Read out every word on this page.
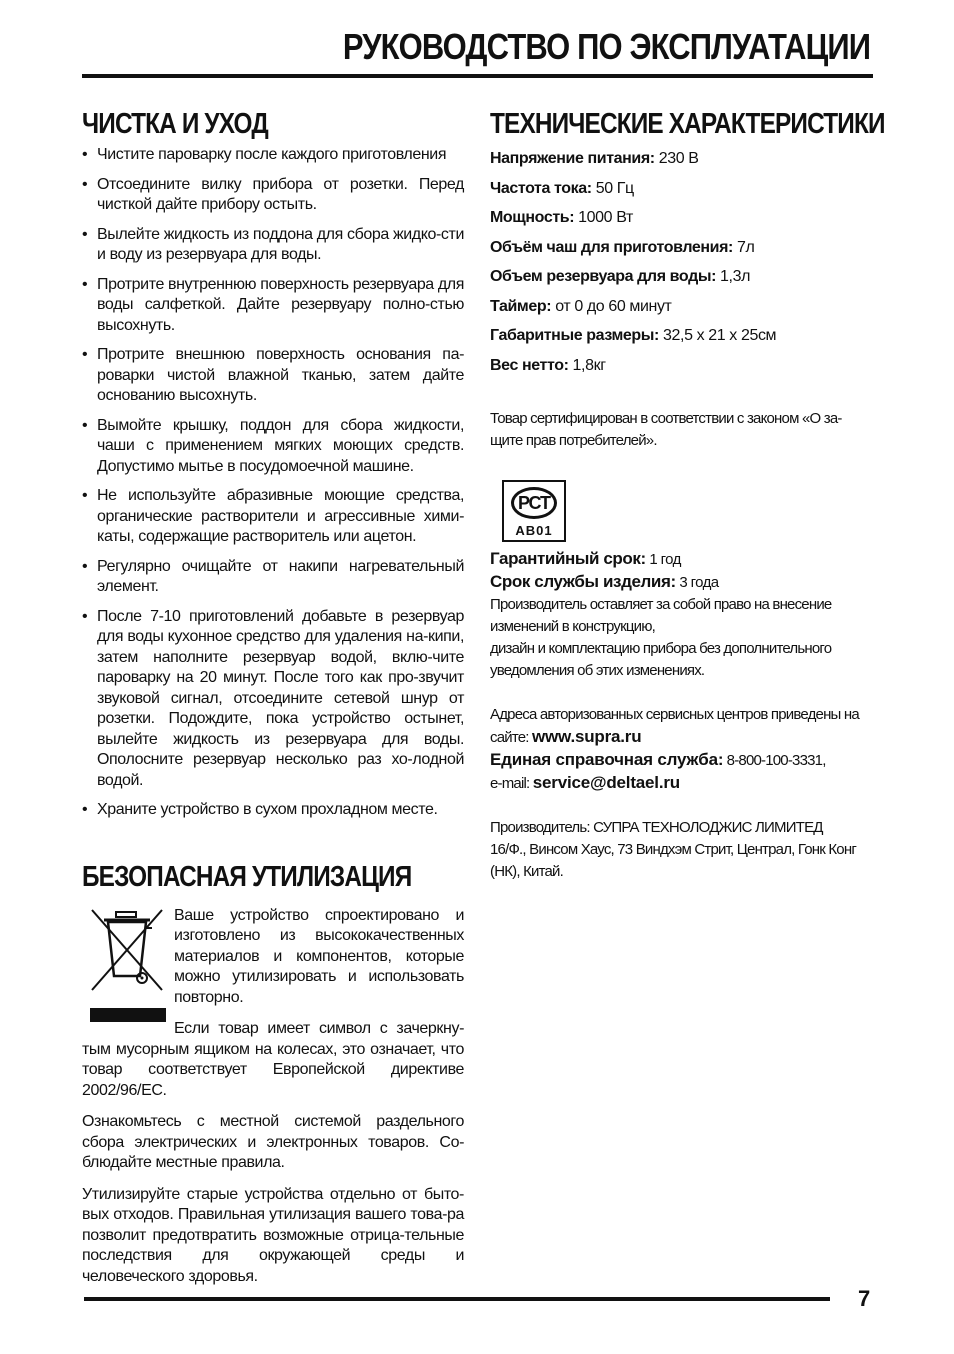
РУКОВОДСТВО ПО ЭКСПЛУАТАЦИИ
ЧИСТКА И УХОД
• Чистите пароварку после каждого приготовления
• Отсоедините вилку прибора от розетки. Перед чисткой дайте прибору остыть.
• Вылейте жидкость из поддона для сбора жидко-сти и воду из резервуара для воды.
• Протрите внутреннюю поверхность резервуара для воды салфеткой. Дайте резервуару полно-стью высохнуть.
• Протрите внешнюю поверхность основания па-роварки чистой влажной тканью, затем дайте основанию высохнуть.
• Вымойте крышку, поддон для сбора жидкости, чаши с применением мягких моющих средств. Допустимо мытье в посудомоечной машине.
• Не используйте абразивные моющие средства, органические растворители и агрессивные хими-каты, содержащие растворитель или ацетон.
• Регулярно очищайте от накипи нагревательный элемент.
• После 7-10 приготовлений добавьте в резервуар для воды кухонное средство для удаления на-кипи, затем наполните резервуар водой, вклю-чите пароварку на 20 минут. После того как про-звучит звуковой сигнал, отсоедините сетевой шнур от розетки. Подождите, пока устройство остынет, вылейте жидкость из резервуара для воды. Ополосните резервуар несколько раз хо-лодной водой.
• Храните устройство в сухом прохладном месте.
БЕЗОПАСНАЯ УТИЛИЗАЦИЯ

Ваше устройство спроектировано и изготовлено из высококачественных материалов и компонентов, которые можно утилизировать и использовать повторно.

Если товар имеет символ с зачеркну-тым мусорным ящиком на колесах, это означает, что товар соответствует Европейской директиве 2002/96/EC.

Ознакомьтесь с местной системой раздельного сбора электрических и электронных товаров. Со-блюдайте местные правила.

Утилизируйте старые устройства отдельно от быто-вых отходов. Правильная утилизация вашего това-ра позволит предотвратить возможные отрица-тельные последствия для окружающей среды и человеческого здоровья.

ТЕХНИЧЕСКИЕ ХАРАКТЕРИСТИКИ
Напряжение питания: 230 В
Частота тока: 50 Гц
Мощность: 1000 Вт
Объём чаш для приготовления: 7л
Объем резервуара для воды: 1,3л
Таймер: от 0 до 60 минут
Габаритные размеры: 32,5 х 21 х 25см
Вес нетто: 1,8кг
Товар сертифицирован в соответствии с законом «О за-щите прав потребителей».
РСТ
АВ01
Гарантийный срок: 1 год
Срок службы изделия: 3 года
Производитель оставляет за собой право на внесение изменений в конструкцию,
дизайн и комплектацию прибора без дополнительного уведомления об этих изменениях.
Адреса авторизованных сервисных центров приведены на сайте: www.supra.ru
Единая справочная служба: 8-800-100-3331,
e-mail: service@deltael.ru
Производитель: СУПРА ТЕХНОЛОДЖИС ЛИМИТЕД
16/Ф., Винсом Хаус, 73 Виндхэм Стрит, Централ, Гонк Конг (НК), Китай.
7
